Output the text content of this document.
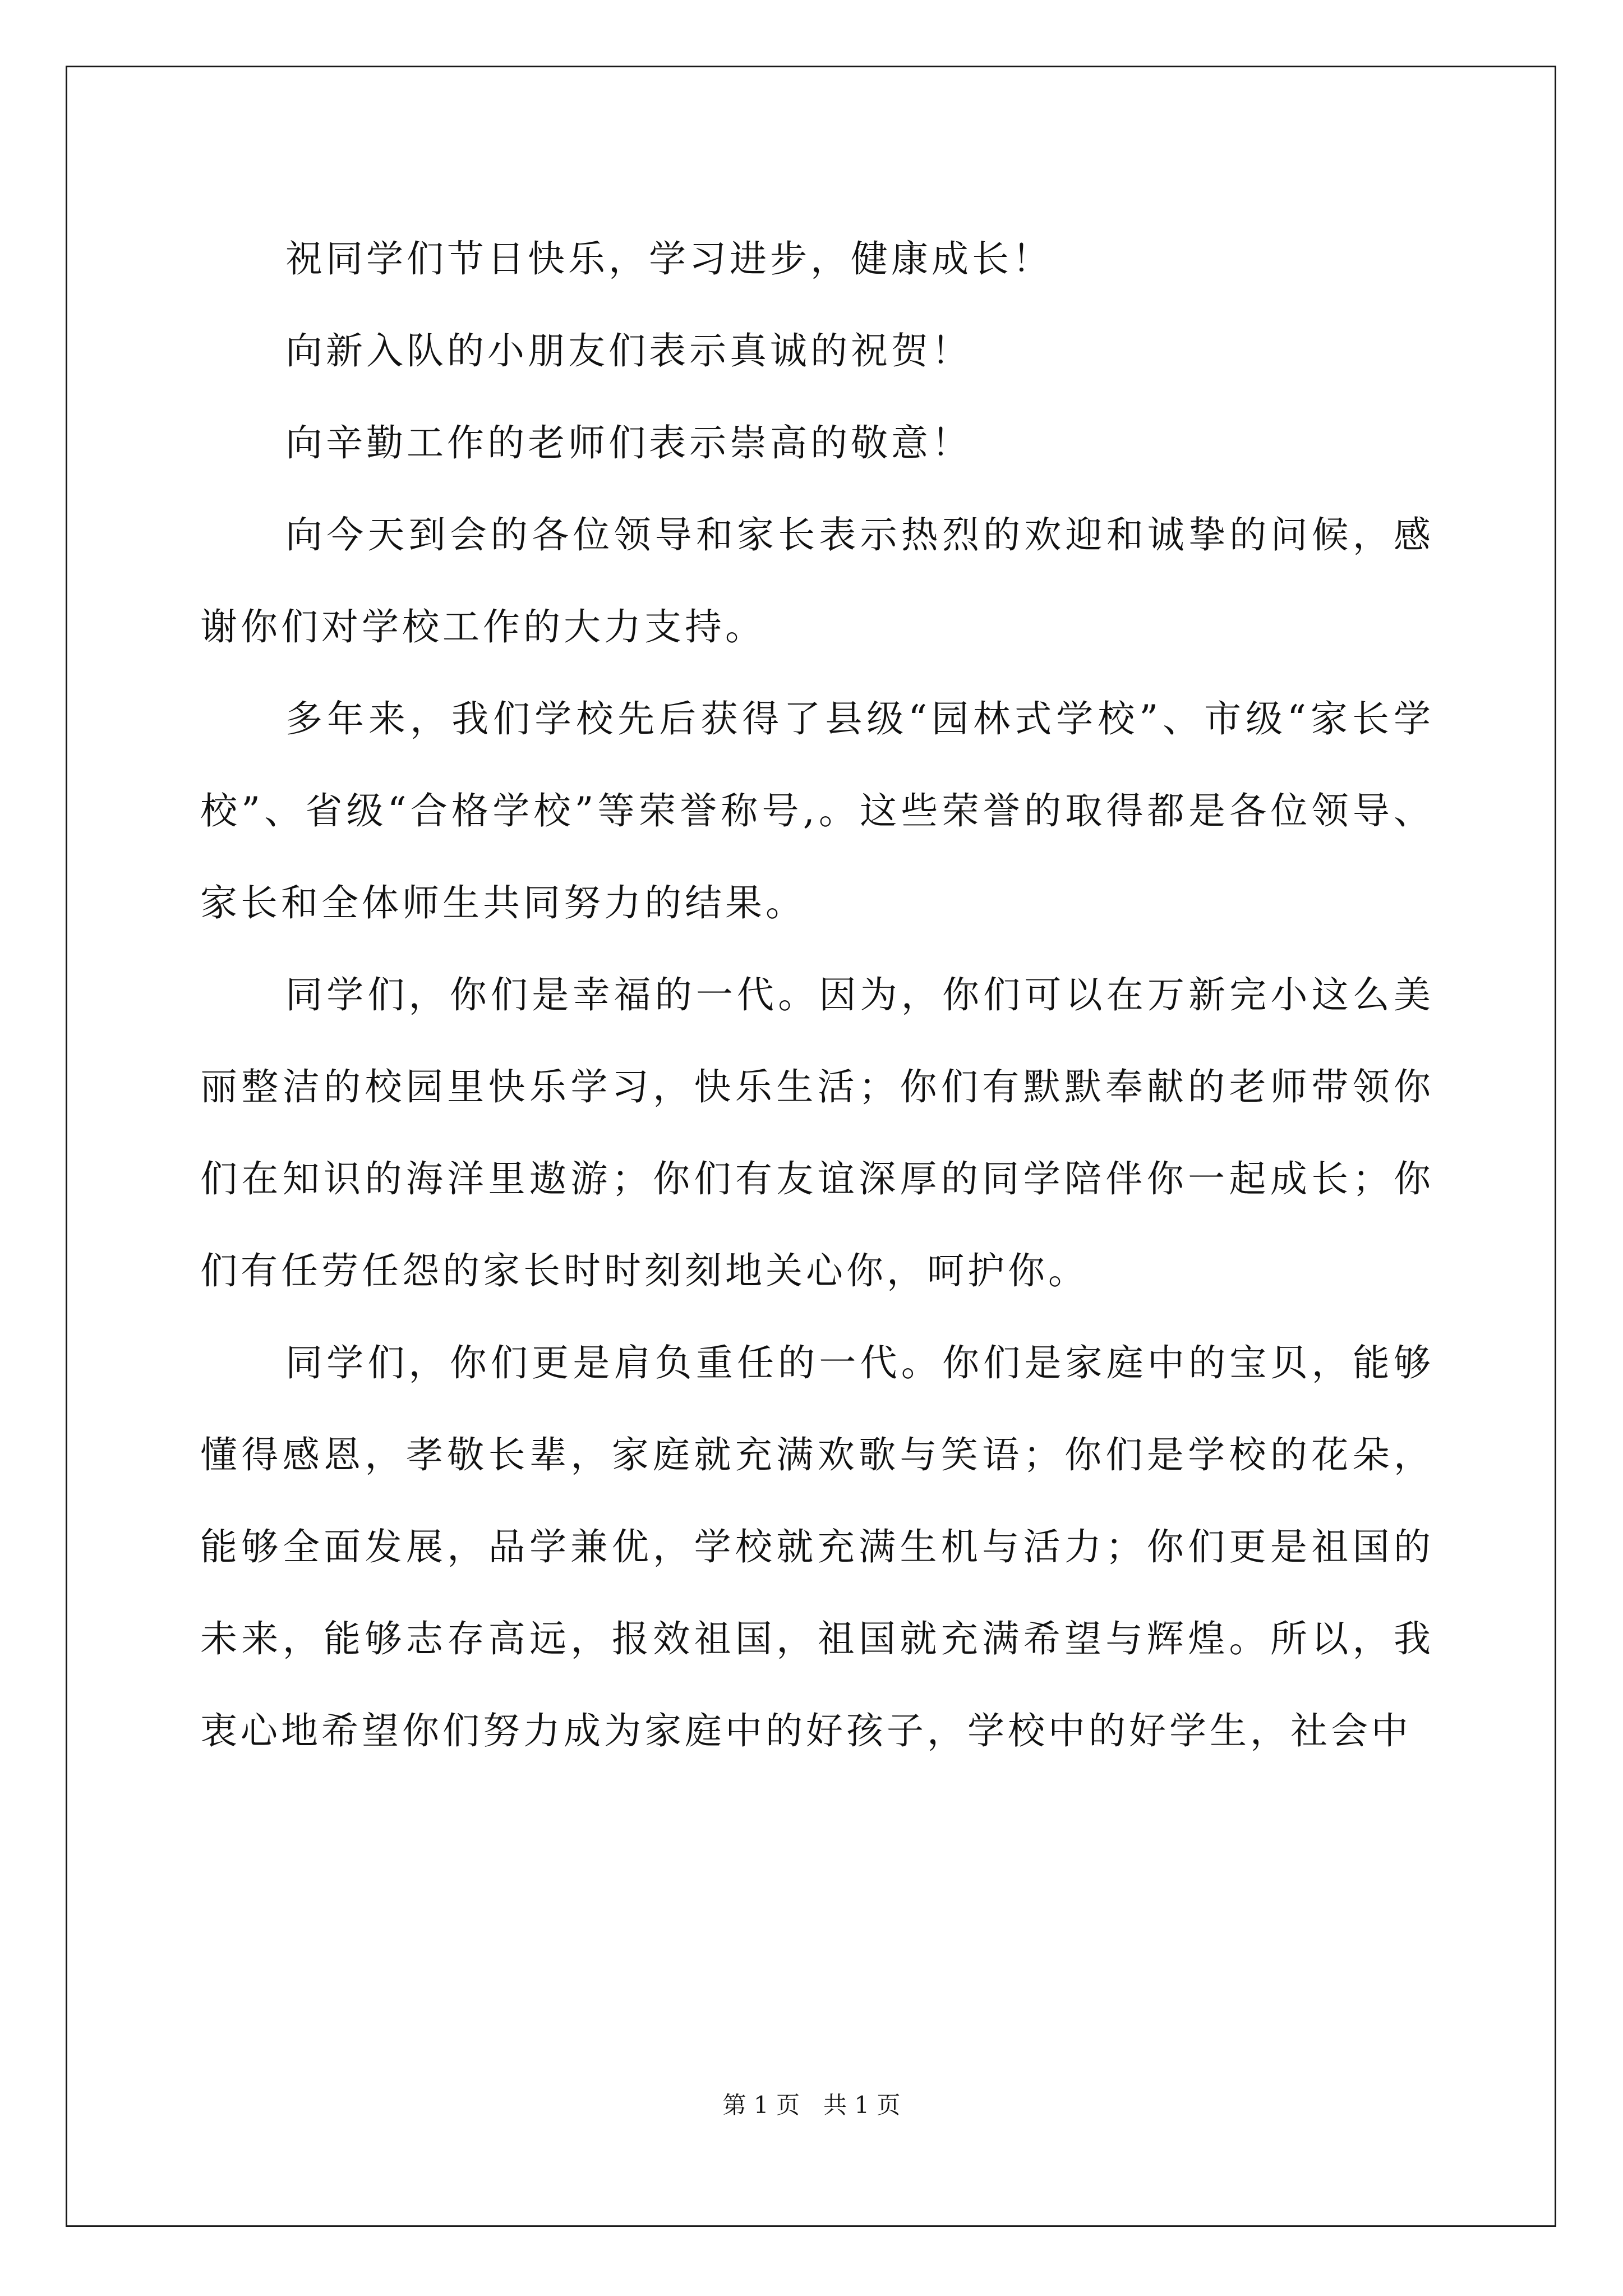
祝同学们节日快乐，学习进步，健康成长！

向新入队的小朋友们表示真诚的祝贺！

向辛勤工作的老师们表示崇高的敬意！

向今天到会的各位领导和家长表示热烈的欢迎和诚挚的问候，感谢你们对学校工作的大力支持。

多年来，我们学校先后获得了县级“园林式学校”、市级“家长学校”、省级“合格学校”等荣誉称号,。这些荣誉的取得都是各位领导、家长和全体师生共同努力的结果。

同学们，你们是幸福的一代。因为，你们可以在万新完小这么美丽整洁的校园里快乐学习，快乐生活；你们有默默奉献的老师带领你们在知识的海洋里遨游；你们有友谊深厚的同学陪伴你一起成长；你们有任劳任怨的家长时时刻刻地关心你，呵护你。

同学们，你们更是肩负重任的一代。你们是家庭中的宝贝，能够懂得感恩，孝敬长辈，家庭就充满欢歌与笑语；你们是学校的花朵，能够全面发展，品学兼优，学校就充满生机与活力；你们更是祖国的未来，能够志存高远，报效祖国，祖国就充满希望与辉煌。所以，我衷心地希望你们努力成为家庭中的好孩子，学校中的好学生，社会中

第 1 页　共 1 页
